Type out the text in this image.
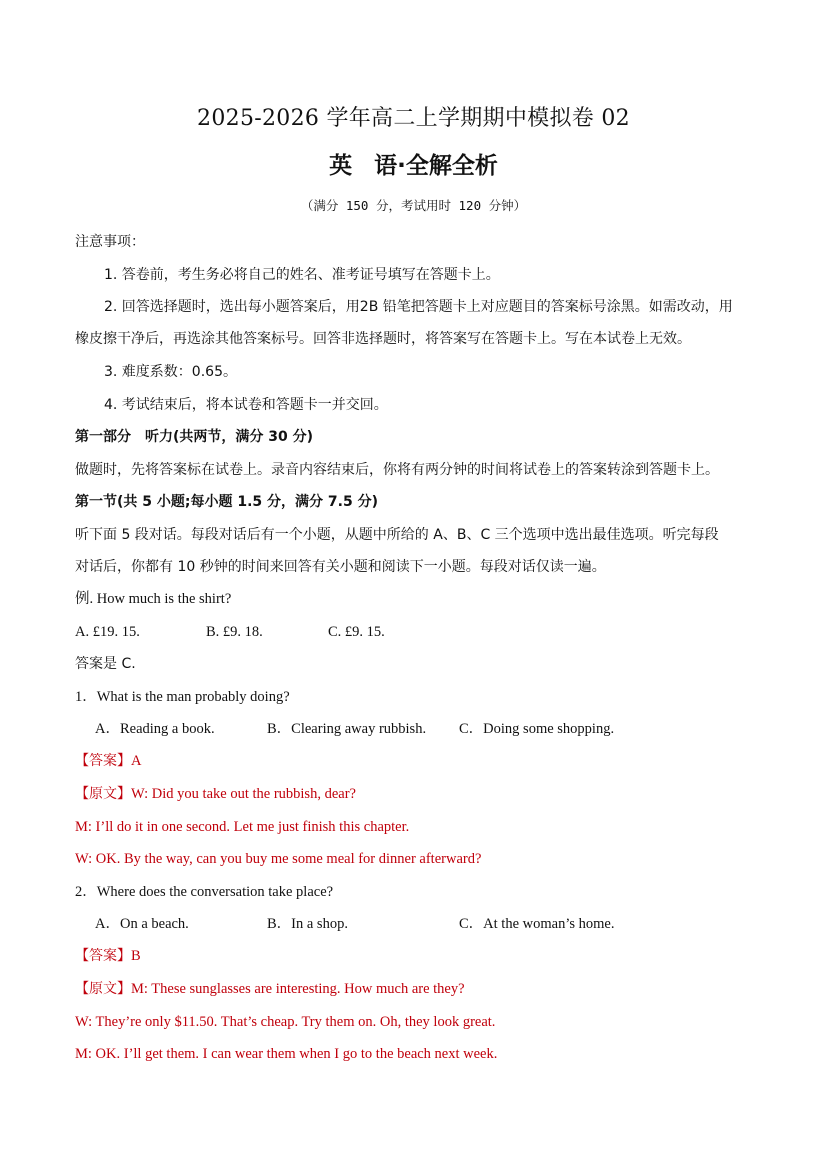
2025-2026 学年高二上学期期中模拟卷 02
英 语·全解全析
（满分 150 分，考试用时 120 分钟）
注意事项：
1. 答卷前，考生务必将自己的姓名、准考证号填写在答题卡上。
2. 回答选择题时，选出每小题答案后，用2B 铅笔把答题卡上对应题目的答案标号涂黑。如需改动，用
橡皮擦干净后，再选涂其他答案标号。回答非选择题时，将答案写在答题卡上。写在本试卷上无效。
3. 难度系数：0.65。
4. 考试结束后，将本试卷和答题卡一并交回。
第一部分　听力(共两节，满分 30 分)
做题时，先将答案标在试卷上。录音内容结束后，你将有两分钟的时间将试卷上的答案转涂到答题卡上。
第一节(共 5 小题;每小题 1.5 分，满分 7.5 分)
听下面 5 段对话。每段对话后有一个小题，从题中所给的 A、B、C 三个选项中选出最佳选项。听完每段
对话后，你都有 10 秒钟的时间来回答有关小题和阅读下一小题。每段对话仅读一遍。
例. How much is the shirt?
A. £19. 15.	B. £9. 18.	C. £9. 15.
答案是 C.
1．What is the man probably doing?
A．Reading a book.	B．Clearing away rubbish. C．Doing some shopping.
【答案】A
【原文】W: Did you take out the rubbish, dear?
M: I’ll do it in one second. Let me just finish this chapter.
W: OK. By the way, can you buy me some meal for dinner afterward?
2．Where does the conversation take place?
A．On a beach.	B．In a shop.	C．At the woman’s home.
【答案】B
【原文】M: These sunglasses are interesting. How much are they?
W: They’re only $11.50. That’s cheap. Try them on. Oh, they look great.
M: OK. I’ll get them. I can wear them when I go to the beach next week.
